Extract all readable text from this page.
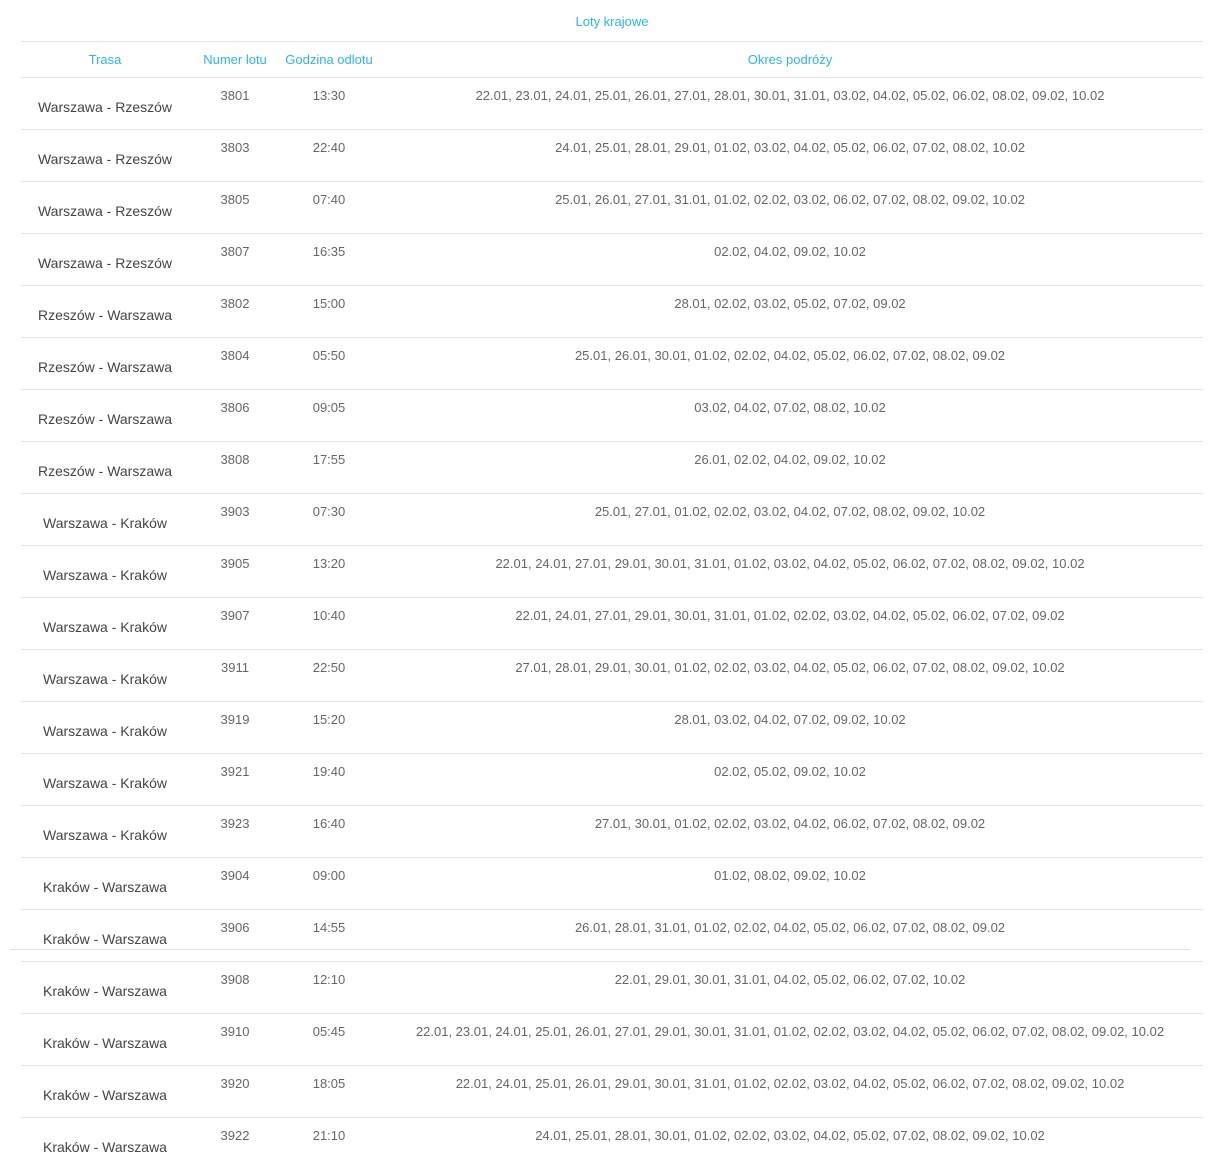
Loty krajowe
Trasa	Numer lotu	Godzina odlotu	Okres podróży
Warszawa - Rzeszów	3801	13:30	22.01, 23.01, 24.01, 25.01, 26.01, 27.01, 28.01, 30.01, 31.01, 03.02, 04.02, 05.02, 06.02, 08.02, 09.02, 10.02
Warszawa - Rzeszów	3803	22:40	24.01, 25.01, 28.01, 29.01, 01.02, 03.02, 04.02, 05.02, 06.02, 07.02, 08.02, 10.02
Warszawa - Rzeszów	3805	07:40	25.01, 26.01, 27.01, 31.01, 01.02, 02.02, 03.02, 06.02, 07.02, 08.02, 09.02, 10.02
Warszawa - Rzeszów	3807	16:35	02.02, 04.02, 09.02, 10.02
Rzeszów - Warszawa	3802	15:00	28.01, 02.02, 03.02, 05.02, 07.02, 09.02
Rzeszów - Warszawa	3804	05:50	25.01, 26.01, 30.01, 01.02, 02.02, 04.02, 05.02, 06.02, 07.02, 08.02, 09.02
Rzeszów - Warszawa	3806	09:05	03.02, 04.02, 07.02, 08.02, 10.02
Rzeszów - Warszawa	3808	17:55	26.01, 02.02, 04.02, 09.02, 10.02
Warszawa - Kraków	3903	07:30	25.01, 27.01, 01.02, 02.02, 03.02, 04.02, 07.02, 08.02, 09.02, 10.02
Warszawa - Kraków	3905	13:20	22.01, 24.01, 27.01, 29.01, 30.01, 31.01, 01.02, 03.02, 04.02, 05.02, 06.02, 07.02, 08.02, 09.02, 10.02
Warszawa - Kraków	3907	10:40	22.01, 24.01, 27.01, 29.01, 30.01, 31.01, 01.02, 02.02, 03.02, 04.02, 05.02, 06.02, 07.02, 09.02
Warszawa - Kraków	3911	22:50	27.01, 28.01, 29.01, 30.01, 01.02, 02.02, 03.02, 04.02, 05.02, 06.02, 07.02, 08.02, 09.02, 10.02
Warszawa - Kraków	3919	15:20	28.01, 03.02, 04.02, 07.02, 09.02, 10.02
Warszawa - Kraków	3921	19:40	02.02, 05.02, 09.02, 10.02
Warszawa - Kraków	3923	16:40	27.01, 30.01, 01.02, 02.02, 03.02, 04.02, 06.02, 07.02, 08.02, 09.02
Kraków - Warszawa	3904	09:00	01.02, 08.02, 09.02, 10.02
Kraków - Warszawa	3906	14:55	26.01, 28.01, 31.01, 01.02, 02.02, 04.02, 05.02, 06.02, 07.02, 08.02, 09.02
Kraków - Warszawa	3908	12:10	22.01, 29.01, 30.01, 31.01, 04.02, 05.02, 06.02, 07.02, 10.02
Kraków - Warszawa	3910	05:45	22.01, 23.01, 24.01, 25.01, 26.01, 27.01, 29.01, 30.01, 31.01, 01.02, 02.02, 03.02, 04.02, 05.02, 06.02, 07.02, 08.02, 09.02, 10.02
Kraków - Warszawa	3920	18:05	22.01, 24.01, 25.01, 26.01, 29.01, 30.01, 31.01, 01.02, 02.02, 03.02, 04.02, 05.02, 06.02, 07.02, 08.02, 09.02, 10.02
Kraków - Warszawa	3922	21:10	24.01, 25.01, 28.01, 30.01, 01.02, 02.02, 03.02, 04.02, 05.02, 07.02, 08.02, 09.02, 10.02
